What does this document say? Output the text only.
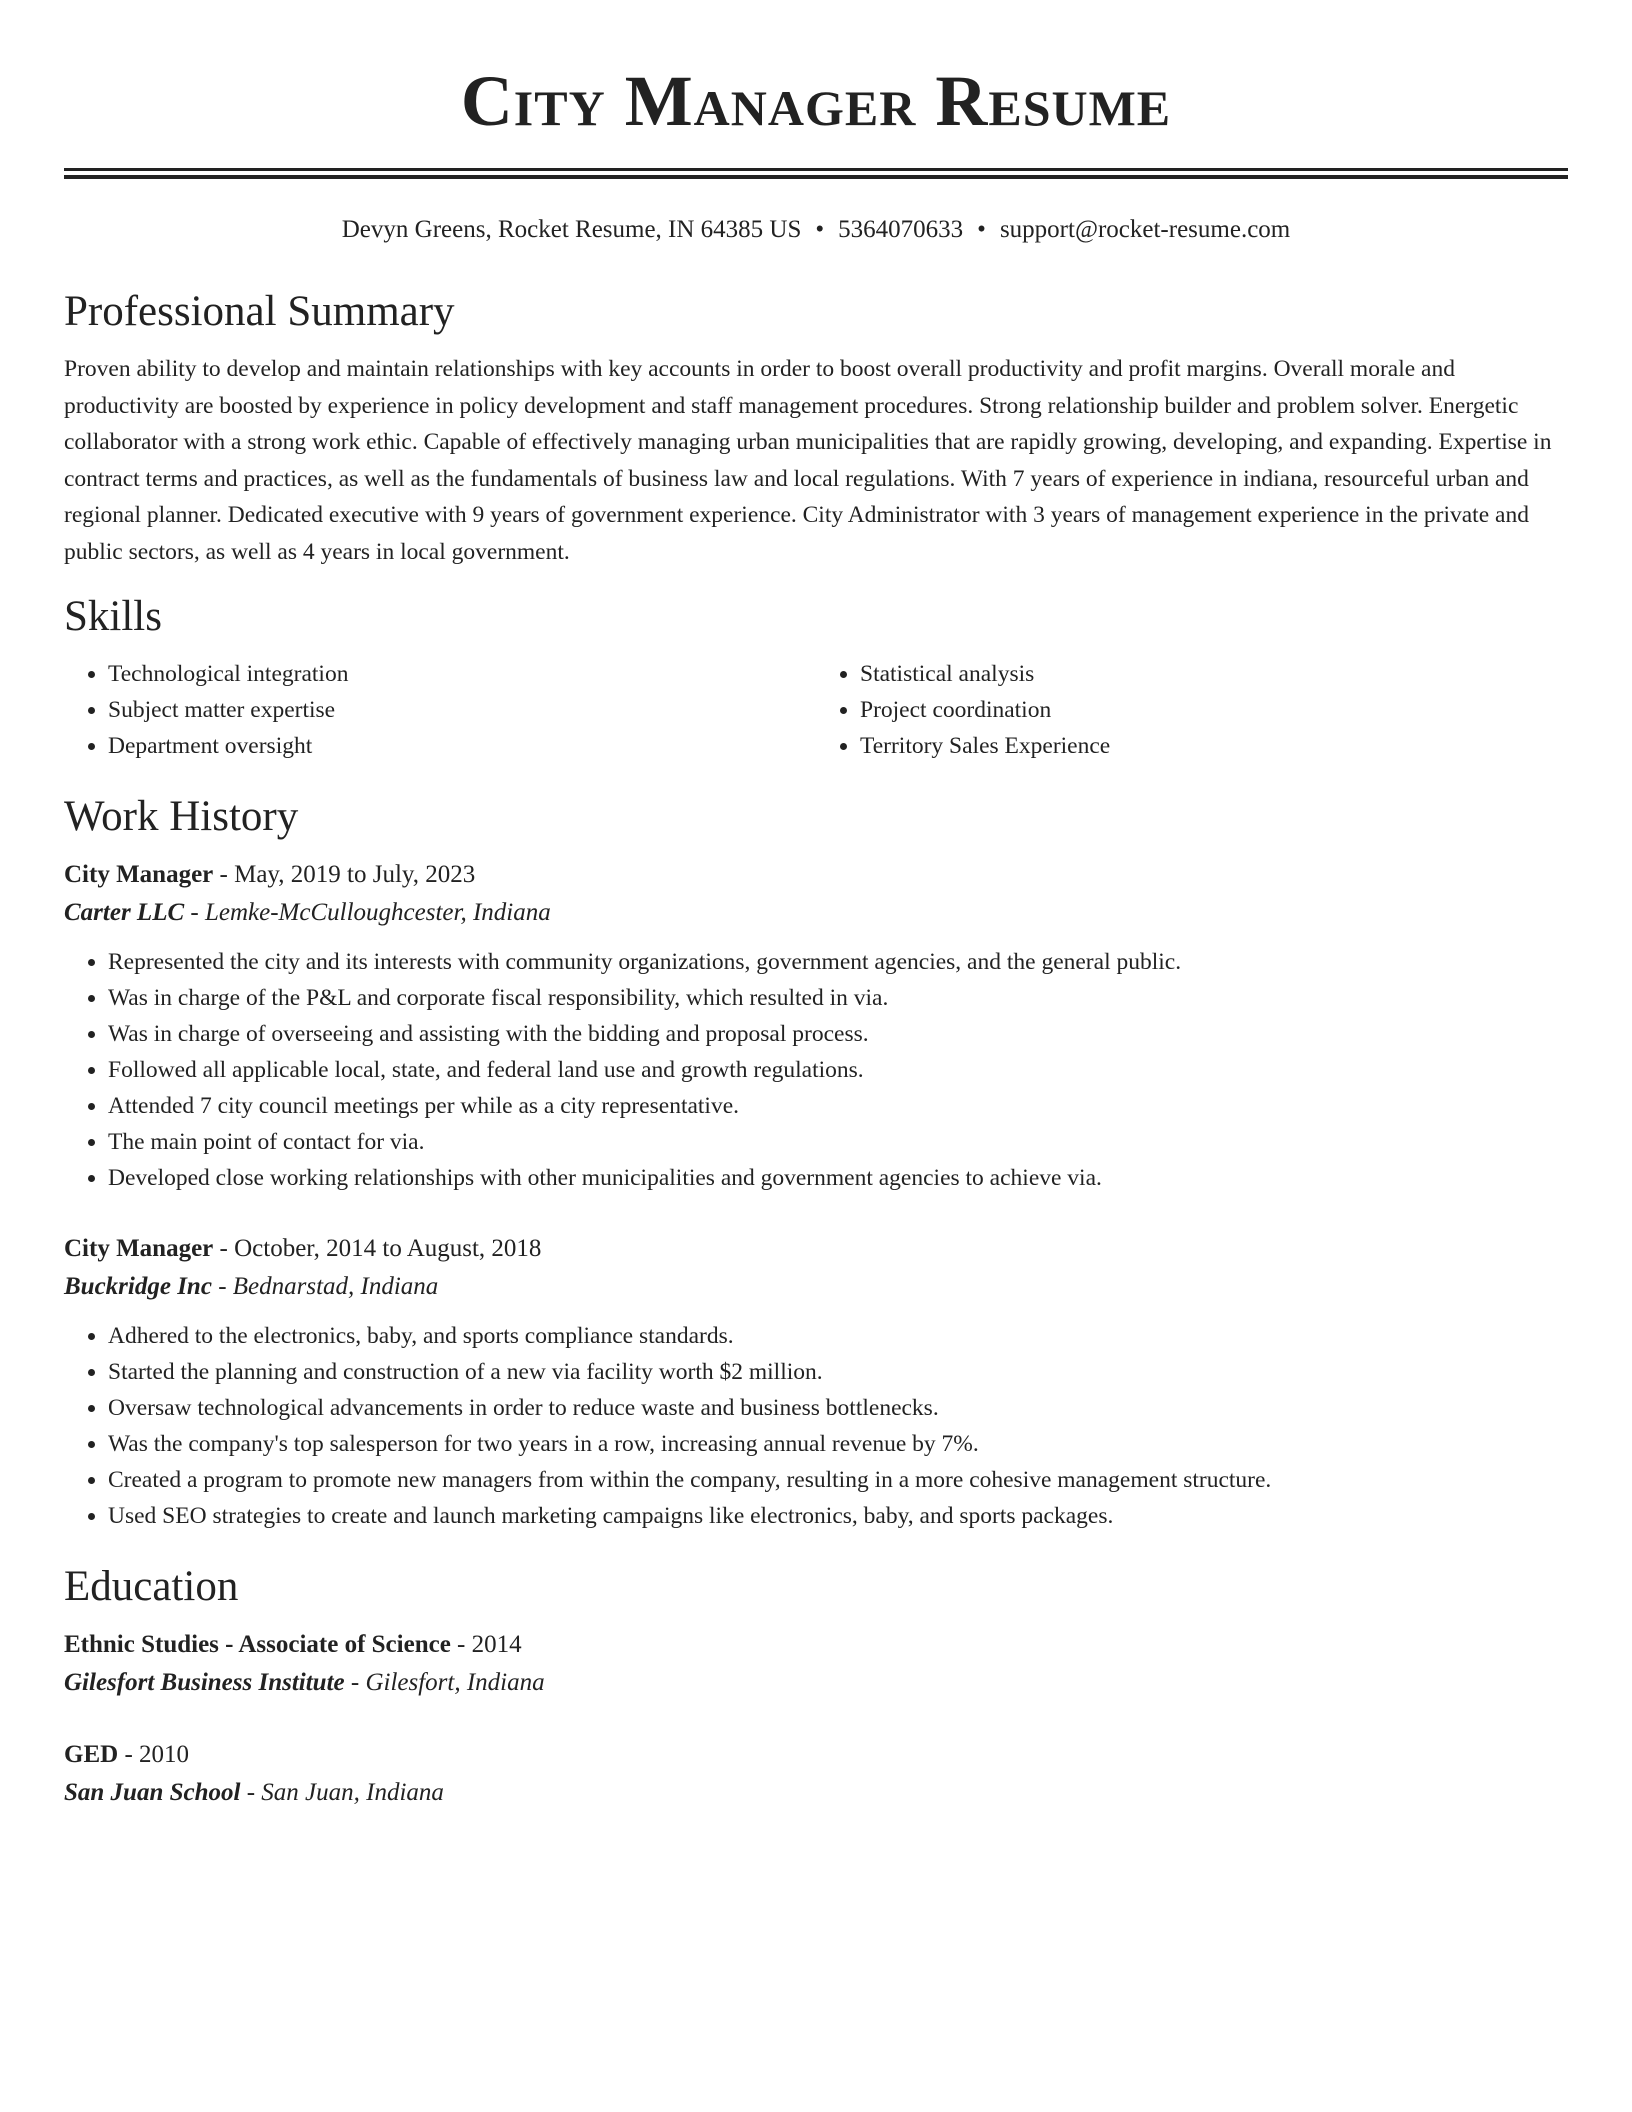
City Manager Resume
Devyn Greens, Rocket Resume, IN 64385 US • 5364070633 • support@rocket-resume.com
Professional Summary
Proven ability to develop and maintain relationships with key accounts in order to boost overall productivity and profit margins. Overall morale and productivity are boosted by experience in policy development and staff management procedures. Strong relationship builder and problem solver. Energetic collaborator with a strong work ethic. Capable of effectively managing urban municipalities that are rapidly growing, developing, and expanding. Expertise in contract terms and practices, as well as the fundamentals of business law and local regulations. With 7 years of experience in indiana, resourceful urban and regional planner. Dedicated executive with 9 years of government experience. City Administrator with 3 years of management experience in the private and public sectors, as well as 4 years in local government.
Skills
• Technological integration
• Subject matter expertise
• Department oversight
• Statistical analysis
• Project coordination
• Territory Sales Experience
Work History
City Manager - May, 2019 to July, 2023
Carter LLC - Lemke-McCulloughcester, Indiana
• Represented the city and its interests with community organizations, government agencies, and the general public.
• Was in charge of the P&L and corporate fiscal responsibility, which resulted in via.
• Was in charge of overseeing and assisting with the bidding and proposal process.
• Followed all applicable local, state, and federal land use and growth regulations.
• Attended 7 city council meetings per while as a city representative.
• The main point of contact for via.
• Developed close working relationships with other municipalities and government agencies to achieve via.
City Manager - October, 2014 to August, 2018
Buckridge Inc - Bednarstad, Indiana
• Adhered to the electronics, baby, and sports compliance standards.
• Started the planning and construction of a new via facility worth $2 million.
• Oversaw technological advancements in order to reduce waste and business bottlenecks.
• Was the company's top salesperson for two years in a row, increasing annual revenue by 7%.
• Created a program to promote new managers from within the company, resulting in a more cohesive management structure.
• Used SEO strategies to create and launch marketing campaigns like electronics, baby, and sports packages.
Education
Ethnic Studies - Associate of Science - 2014
Gilesfort Business Institute - Gilesfort, Indiana
GED - 2010
San Juan School - San Juan, Indiana
